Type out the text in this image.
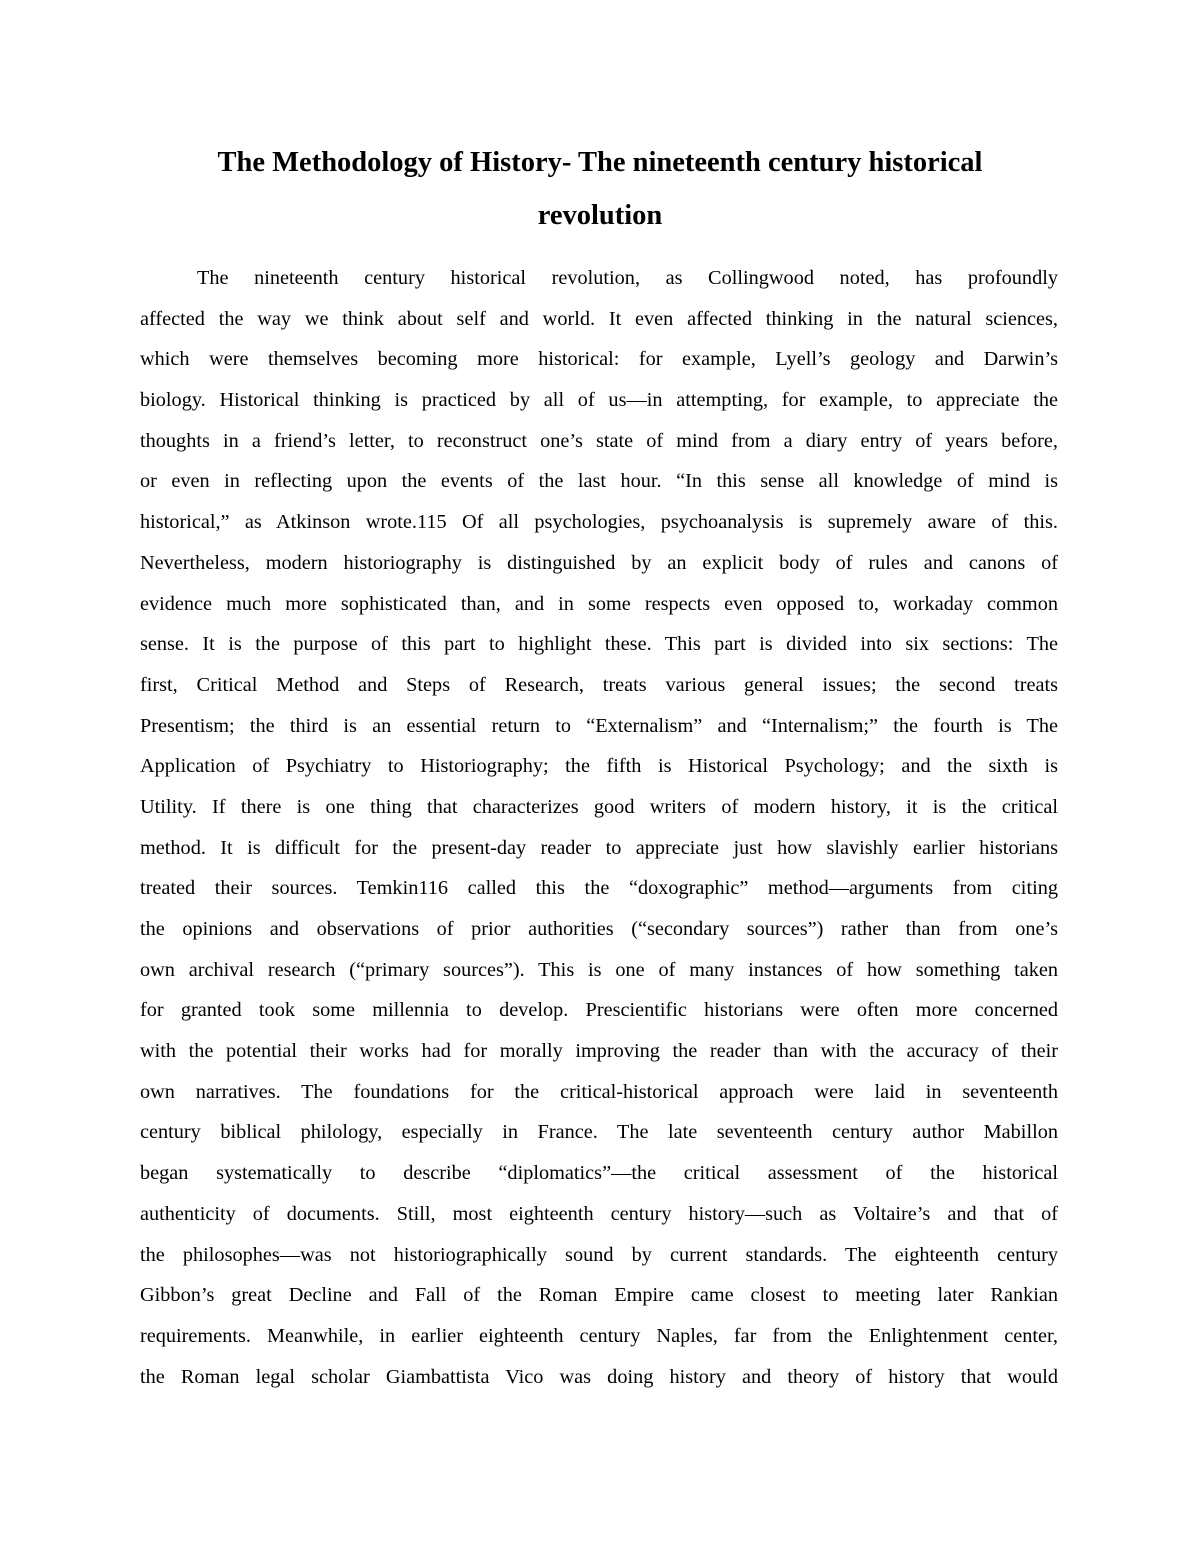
The Methodology of History- The nineteenth century historical
revolution
The nineteenth century historical revolution, as Collingwood noted, has profoundly
affected the way we think about self and world. It even affected thinking in the natural sciences,
which were themselves becoming more historical: for example, Lyell’s geology and Darwin’s
biology. Historical thinking is practiced by all of us—in attempting, for example, to appreciate the
thoughts in a friend’s letter, to reconstruct one’s state of mind from a diary entry of years before,
or even in reflecting upon the events of the last hour. “In this sense all knowledge of mind is
historical,” as Atkinson wrote.115 Of all psychologies, psychoanalysis is supremely aware of this.
Nevertheless, modern historiography is distinguished by an explicit body of rules and canons of
evidence much more sophisticated than, and in some respects even opposed to, workaday common
sense. It is the purpose of this part to highlight these. This part is divided into six sections: The
first, Critical Method and Steps of Research, treats various general issues; the second treats
Presentism; the third is an essential return to “Externalism” and “Internalism;” the fourth is The
Application of Psychiatry to Historiography; the fifth is Historical Psychology; and the sixth is
Utility. If there is one thing that characterizes good writers of modern history, it is the critical
method. It is difficult for the present-day reader to appreciate just how slavishly earlier historians
treated their sources. Temkin116 called this the “doxographic” method—arguments from citing
the opinions and observations of prior authorities (“secondary sources”) rather than from one’s
own archival research (“primary sources”). This is one of many instances of how something taken
for granted took some millennia to develop. Prescientific historians were often more concerned
with the potential their works had for morally improving the reader than with the accuracy of their
own narratives. The foundations for the critical-historical approach were laid in seventeenth
century biblical philology, especially in France. The late seventeenth century author Mabillon
began systematically to describe “diplomatics”—the critical assessment of the historical
authenticity of documents. Still, most eighteenth century history—such as Voltaire’s and that of
the philosophes—was not historiographically sound by current standards. The eighteenth century
Gibbon’s great Decline and Fall of the Roman Empire came closest to meeting later Rankian
requirements. Meanwhile, in earlier eighteenth century Naples, far from the Enlightenment center,
the Roman legal scholar Giambattista Vico was doing history and theory of history that would
